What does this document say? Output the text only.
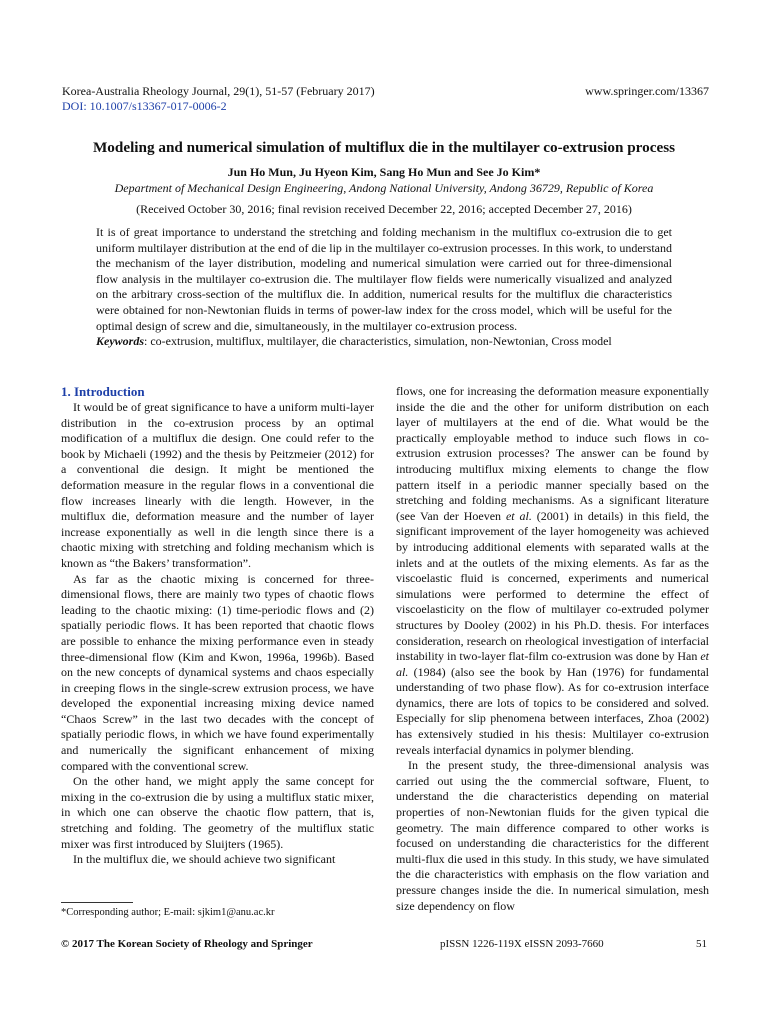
Korea-Australia Rheology Journal, 29(1), 51-57 (February 2017)
DOI: 10.1007/s13367-017-0006-2
www.springer.com/13367
Modeling and numerical simulation of multiflux die in the multilayer co-extrusion process
Jun Ho Mun, Ju Hyeon Kim, Sang Ho Mun and See Jo Kim*
Department of Mechanical Design Engineering, Andong National University, Andong 36729, Republic of Korea
(Received October 30, 2016; final revision received December 22, 2016; accepted December 27, 2016)

It is of great importance to understand the stretching and folding mechanism in the multiflux co-extrusion die to get uniform multilayer distribution at the end of die lip in the multilayer co-extrusion processes. In this work, to understand the mechanism of the layer distribution, modeling and numerical simulation were carried out for three-dimensional flow analysis in the multilayer co-extrusion die. The multilayer flow fields were numerically visualized and analyzed on the arbitrary cross-section of the multiflux die. In addition, numerical results for the multiflux die characteristics were obtained for non-Newtonian fluids in terms of power-law index for the cross model, which will be useful for the optimal design of screw and die, simultaneously, in the multilayer co-extrusion process.

Keywords: co-extrusion, multiflux, multilayer, die characteristics, simulation, non-Newtonian, Cross model

1. Introduction

It would be of great significance to have a uniform multi-layer distribution in the co-extrusion process by an optimal modification of a multiflux die design. One could refer to the book by Michaeli (1992) and the thesis by Peitzmeier (2012) for a conventional die design. It might be mentioned the deformation measure in the regular flows in a conventional die flow increases linearly with die length. However, in the multiflux die, deformation measure and the number of layer increase exponentially as well in die length since there is a chaotic mixing with stretching and folding mechanism which is known as “the Bakers’ transformation”.

As far as the chaotic mixing is concerned for three-dimensional flows, there are mainly two types of chaotic flows leading to the chaotic mixing: (1) time-periodic flows and (2) spatially periodic flows. It has been reported that chaotic flows are possible to enhance the mixing performance even in steady three-dimensional flow (Kim and Kwon, 1996a, 1996b). Based on the new concepts of dynamical systems and chaos especially in creeping flows in the single-screw extrusion process, we have developed the exponential increasing mixing device named “Chaos Screw” in the last two decades with the concept of spatially periodic flows, in which we have found experimentally and numerically the significant enhancement of mixing compared with the conventional screw.

On the other hand, we might apply the same concept for mixing in the co-extrusion die by using a multiflux static mixer, in which one can observe the chaotic flow pattern, that is, stretching and folding. The geometry of the multiflux static mixer was first introduced by Sluijters (1965).

In the multiflux die, we should achieve two significant

flows, one for increasing the deformation measure exponentially inside the die and the other for uniform distribution on each layer of multilayers at the end of die. What would be the practically employable method to induce such flows in co-extrusion extrusion processes? The answer can be found by introducing multiflux mixing elements to change the flow pattern itself in a periodic manner specially based on the stretching and folding mechanisms. As a significant literature (see Van der Hoeven et al. (2001) in details) in this field, the significant improvement of the layer homogeneity was achieved by introducing additional elements with separated walls at the inlets and at the outlets of the mixing elements. As far as the viscoelastic fluid is concerned, experiments and numerical simulations were performed to determine the effect of viscoelasticity on the flow of multilayer co-extruded polymer structures by Dooley (2002) in his Ph.D. thesis. For interfaces consideration, research on rheological investigation of interfacial instability in two-layer flat-film co-extrusion was done by Han et al. (1984) (also see the book by Han (1976) for fundamental understanding of two phase flow). As for co-extrusion interface dynamics, there are lots of topics to be considered and solved. Especially for slip phenomena between interfaces, Zhoa (2002) has extensively studied in his thesis: Multilayer co-extrusion reveals interfacial dynamics in polymer blending.

In the present study, the three-dimensional analysis was carried out using the the commercial software, Fluent, to understand the die characteristics depending on material properties of non-Newtonian fluids for the given typical die geometry. The main difference compared to other works is focused on understanding die characteristics for the different multi-flux die used in this study. In this study, we have simulated the die characteristics with emphasis on the flow variation and pressure changes inside the die. In numerical simulation, mesh size dependency on flow

*Corresponding author; E-mail: sjkim1@anu.ac.kr
© 2017 The Korean Society of Rheology and Springer	pISSN 1226-119X eISSN 2093-7660	51
